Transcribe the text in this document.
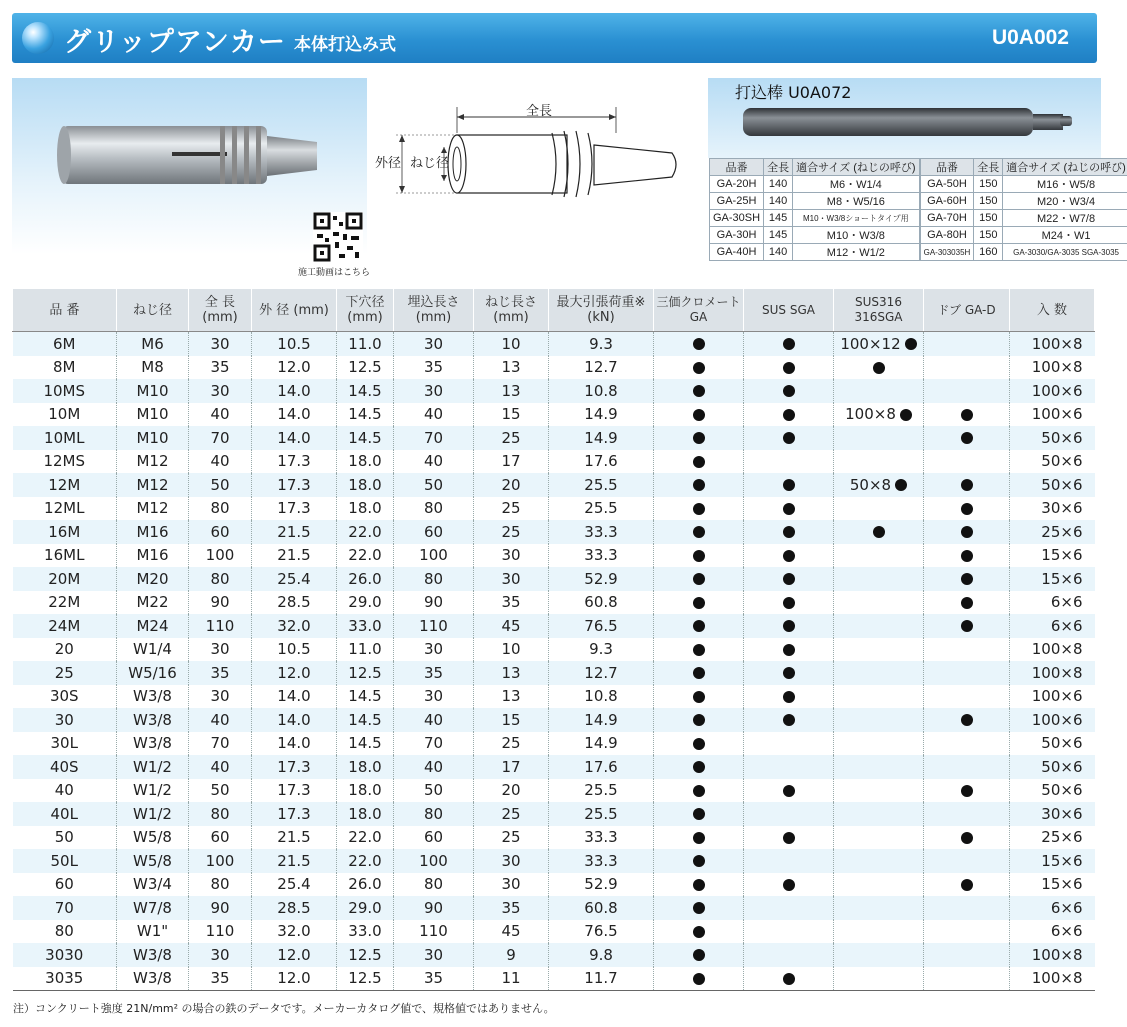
グリップアンカー 本体打込み式	U0A002
施工動画はこちら
全長
外径 ねじ径
打込棒 U0A072
品番	全長	適合サイズ (ねじの呼び)		品番	全長	適合サイズ (ねじの呼び)
GA-20H	140	M6・W1/4		GA-50H	150	M16・W5/8
GA-25H	140	M8・W5/16		GA-60H	150	M20・W3/4
GA-30SH	145	M10・W3/8ショートタイプ用		GA-70H	150	M22・W7/8
GA-30H	145	M10・W3/8		GA-80H	150	M24・W1
GA-40H	140	M12・W1/2		GA-303035H	160	GA-3030/GA-3035 SGA-3035
品 番	ねじ径	全 長 (mm)	外 径 (mm)	下穴径 (mm)	埋込長さ (mm)	ねじ長さ (mm)	最大引張荷重※ (kN)	三価クロメート GA	SUS SGA	SUS316 316SGA	ドブ GA-D	入 数
6M	M6	30	10.5	11.0	30	10	9.3			100×12		100×8
8M	M8	35	12.0	12.5	35	13	12.7					100×8
10MS	M10	30	14.0	14.5	30	13	10.8					100×6
10M	M10	40	14.0	14.5	40	15	14.9			100×8		100×6
10ML	M10	70	14.0	14.5	70	25	14.9					50×6
12MS	M12	40	17.3	18.0	40	17	17.6					50×6
12M	M12	50	17.3	18.0	50	20	25.5			50×8		50×6
12ML	M12	80	17.3	18.0	80	25	25.5					30×6
16M	M16	60	21.5	22.0	60	25	33.3					25×6
16ML	M16	100	21.5	22.0	100	30	33.3					15×6
20M	M20	80	25.4	26.0	80	30	52.9					15×6
22M	M22	90	28.5	29.0	90	35	60.8					6×6
24M	M24	110	32.0	33.0	110	45	76.5					6×6
20	W1/4	30	10.5	11.0	30	10	9.3					100×8
25	W5/16	35	12.0	12.5	35	13	12.7					100×8
30S	W3/8	30	14.0	14.5	30	13	10.8					100×6
30	W3/8	40	14.0	14.5	40	15	14.9					100×6
30L	W3/8	70	14.0	14.5	70	25	14.9					50×6
40S	W1/2	40	17.3	18.0	40	17	17.6					50×6
40	W1/2	50	17.3	18.0	50	20	25.5					50×6
40L	W1/2	80	17.3	18.0	80	25	25.5					30×6
50	W5/8	60	21.5	22.0	60	25	33.3					25×6
50L	W5/8	100	21.5	22.0	100	30	33.3					15×6
60	W3/4	80	25.4	26.0	80	30	52.9					15×6
70	W7/8	90	28.5	29.0	90	35	60.8					6×6
80	W1"	110	32.0	33.0	110	45	76.5					6×6
3030	W3/8	30	12.0	12.5	30	9	9.8					100×8
3035	W3/8	35	12.0	12.5	35	11	11.7					100×8
注）コンクリート強度 21N/mm² の場合の鉄のデータです。メーカーカタログ値で、規格値ではありません。
